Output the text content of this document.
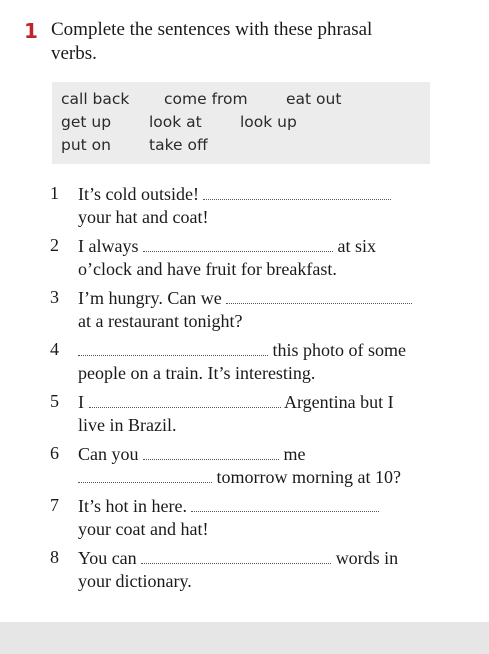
1 Complete the sentences with these phrasal
verbs.
call back come from eat out
get up look at look up
put on take off
1 It’s cold outside!
your hat and coat!
2 I always	at six
o’clock and have fruit for breakfast.
3 I’m hungry. Can we
at a restaurant tonight?
4	this photo of some
people on a train. It’s interesting.
5 I	Argentina but I
live in Brazil.
6 Can you	me
tomorrow morning at 10?
7 It’s hot in here.
your coat and hat!
8 You can	words in
your dictionary.
